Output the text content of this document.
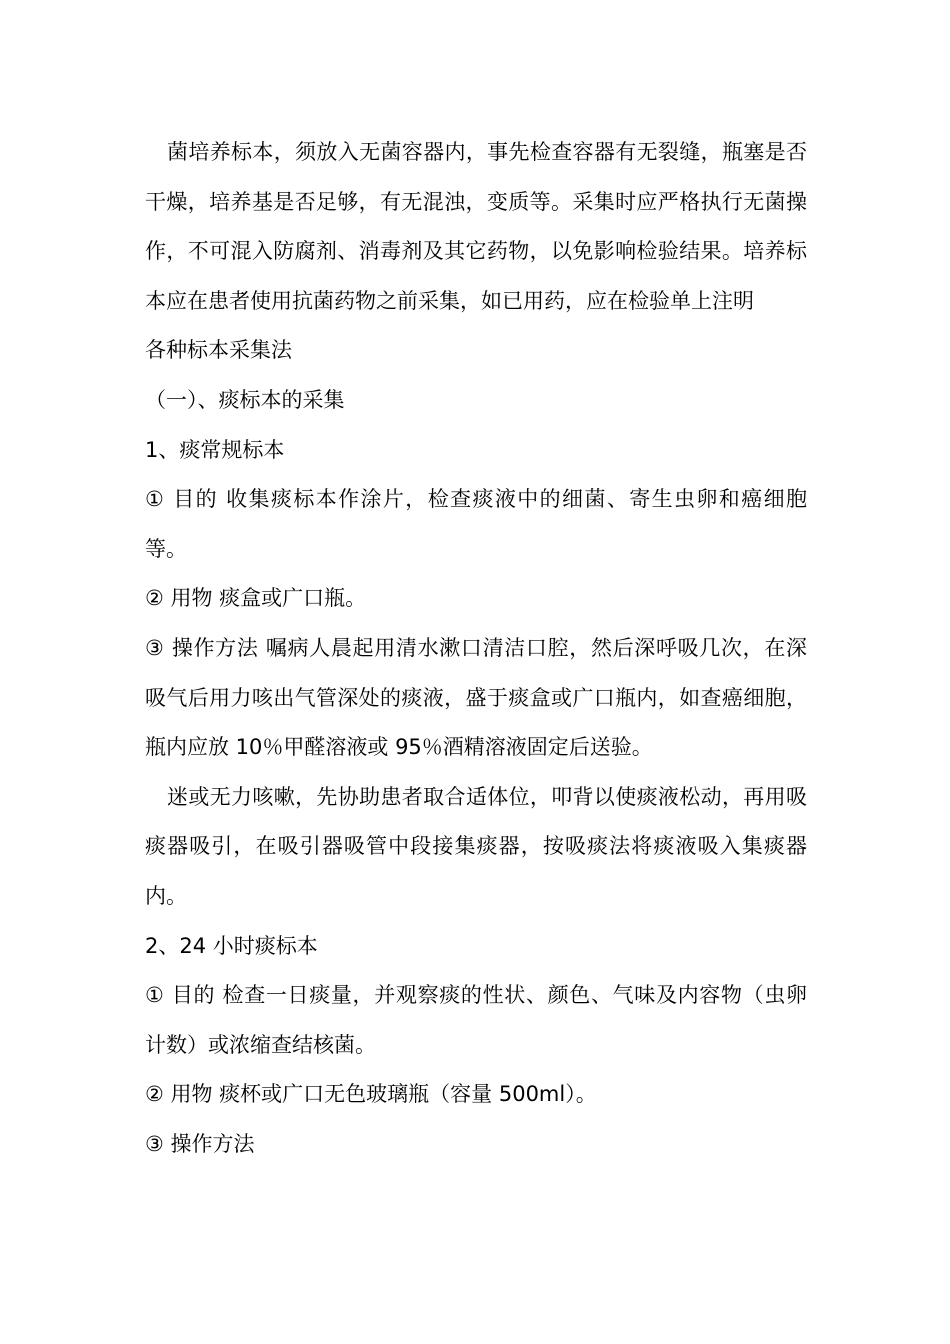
菌培养标本，须放入无菌容器内，事先检查容器有无裂缝，瓶塞是否干燥，培养基是否足够，有无混浊，变质等。采集时应严格执行无菌操作，不可混入防腐剂、消毒剂及其它药物，以免影响检验结果。培养标本应在患者使用抗菌药物之前采集，如已用药，应在检验单上注明

各种标本采集法

（一）、痰标本的采集

1、痰常规标本

① 目的 收集痰标本作涂片，检查痰液中的细菌、寄生虫卵和癌细胞等。

② 用物 痰盒或广口瓶。

③ 操作方法 嘱病人晨起用清水漱口清洁口腔，然后深呼吸几次，在深吸气后用力咳出气管深处的痰液，盛于痰盒或广口瓶内，如查癌细胞，瓶内应放 10％甲醛溶液或 95％酒精溶液固定后送验。

迷或无力咳嗽，先协助患者取合适体位，叩背以使痰液松动，再用吸痰器吸引，在吸引器吸管中段接集痰器，按吸痰法将痰液吸入集痰器内。

2、24 小时痰标本

① 目的 检查一日痰量，并观察痰的性状、颜色、气味及内容物（虫卵计数）或浓缩查结核菌。

② 用物 痰杯或广口无色玻璃瓶（容量 500ml）。

③ 操作方法
